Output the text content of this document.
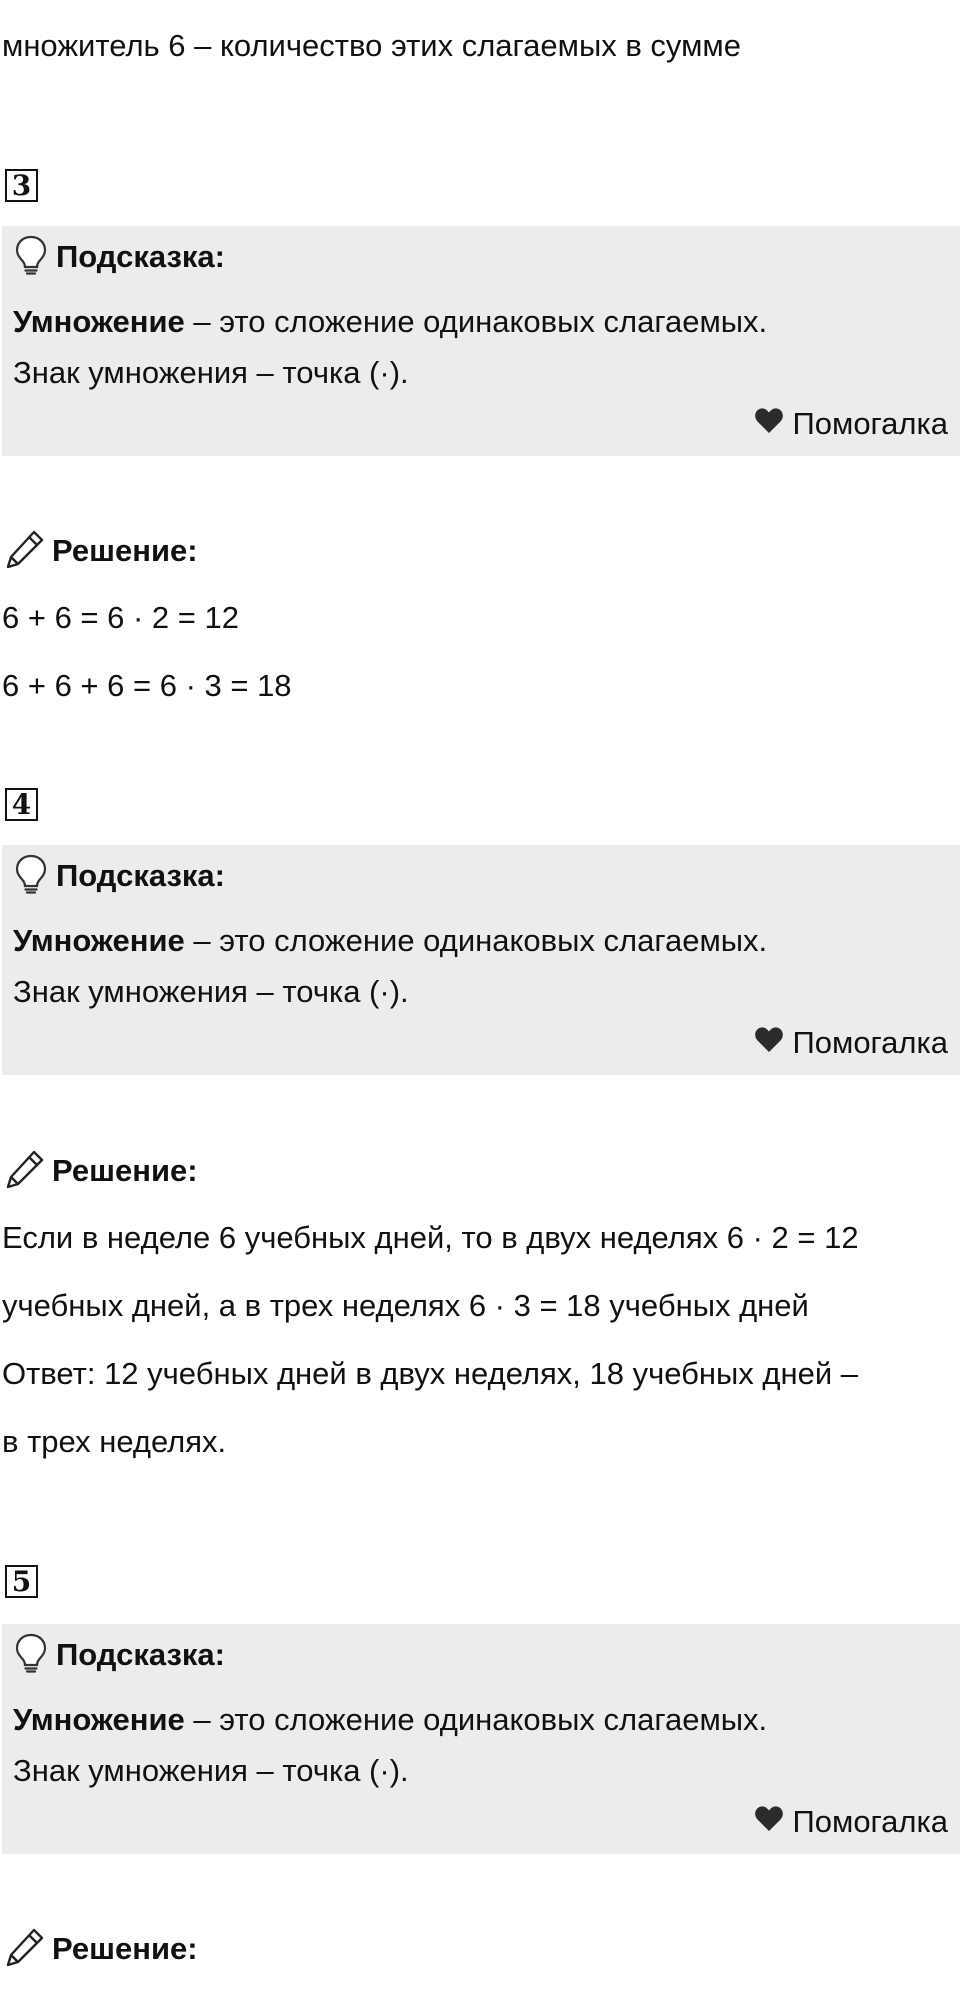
множитель 6 – количество этих слагаемых в сумме
3
Подсказка:
Умножение – это сложение одинаковых слагаемых.
Знак умножения – точка (·).
Помогалка
Решение:
6 + 6 = 6 · 2 = 12
6 + 6 + 6 = 6 · 3 = 18
4
Подсказка:
Умножение – это сложение одинаковых слагаемых.
Знак умножения – точка (·).
Помогалка
Решение:
Если в неделе 6 учебных дней, то в двух неделях 6 · 2 = 12
учебных дней, а в трех неделях 6 · 3 = 18 учебных дней
Ответ: 12 учебных дней в двух неделях, 18 учебных дней –
в трех неделях.
5
Подсказка:
Умножение – это сложение одинаковых слагаемых.
Знак умножения – точка (·).
Помогалка
Решение:
